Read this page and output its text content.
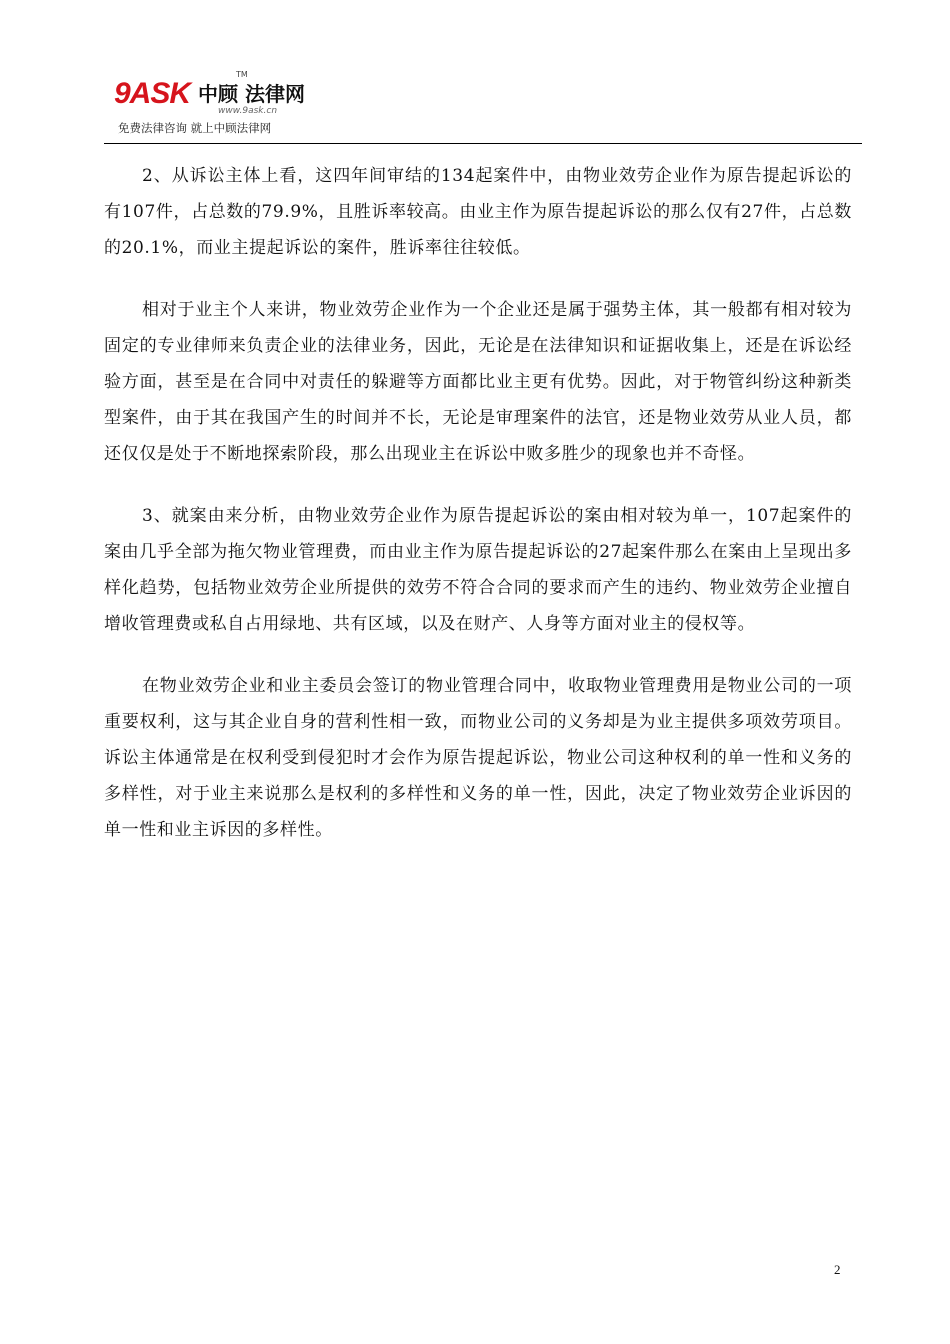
9ASK 中顾 法律网
TM
www.9ask.cn
免费法律咨询 就上中顾法律网

2、从诉讼主体上看，这四年间审结的134起案件中，由物业效劳企业作为原告提起诉讼的有107件，占总数的79.9%，且胜诉率较高。由业主作为原告提起诉讼的那么仅有27件，占总数的20.1%，而业主提起诉讼的案件，胜诉率往往较低。

相对于业主个人来讲，物业效劳企业作为一个企业还是属于强势主体，其一般都有相对较为固定的专业律师来负责企业的法律业务，因此，无论是在法律知识和证据收集上，还是在诉讼经验方面，甚至是在合同中对责任的躲避等方面都比业主更有优势。因此，对于物管纠纷这种新类型案件，由于其在我国产生的时间并不长，无论是审理案件的法官，还是物业效劳从业人员，都还仅仅是处于不断地探索阶段，那么出现业主在诉讼中败多胜少的现象也并不奇怪。

3、就案由来分析，由物业效劳企业作为原告提起诉讼的案由相对较为单一，107起案件的案由几乎全部为拖欠物业管理费，而由业主作为原告提起诉讼的27起案件那么在案由上呈现出多样化趋势，包括物业效劳企业所提供的效劳不符合合同的要求而产生的违约、物业效劳企业擅自增收管理费或私自占用绿地、共有区域，以及在财产、人身等方面对业主的侵权等。

在物业效劳企业和业主委员会签订的物业管理合同中，收取物业管理费用是物业公司的一项重要权利，这与其企业自身的营利性相一致，而物业公司的义务却是为业主提供多项效劳项目。诉讼主体通常是在权利受到侵犯时才会作为原告提起诉讼，物业公司这种权利的单一性和义务的多样性，对于业主来说那么是权利的多样性和义务的单一性，因此，决定了物业效劳企业诉因的单一性和业主诉因的多样性。

2
